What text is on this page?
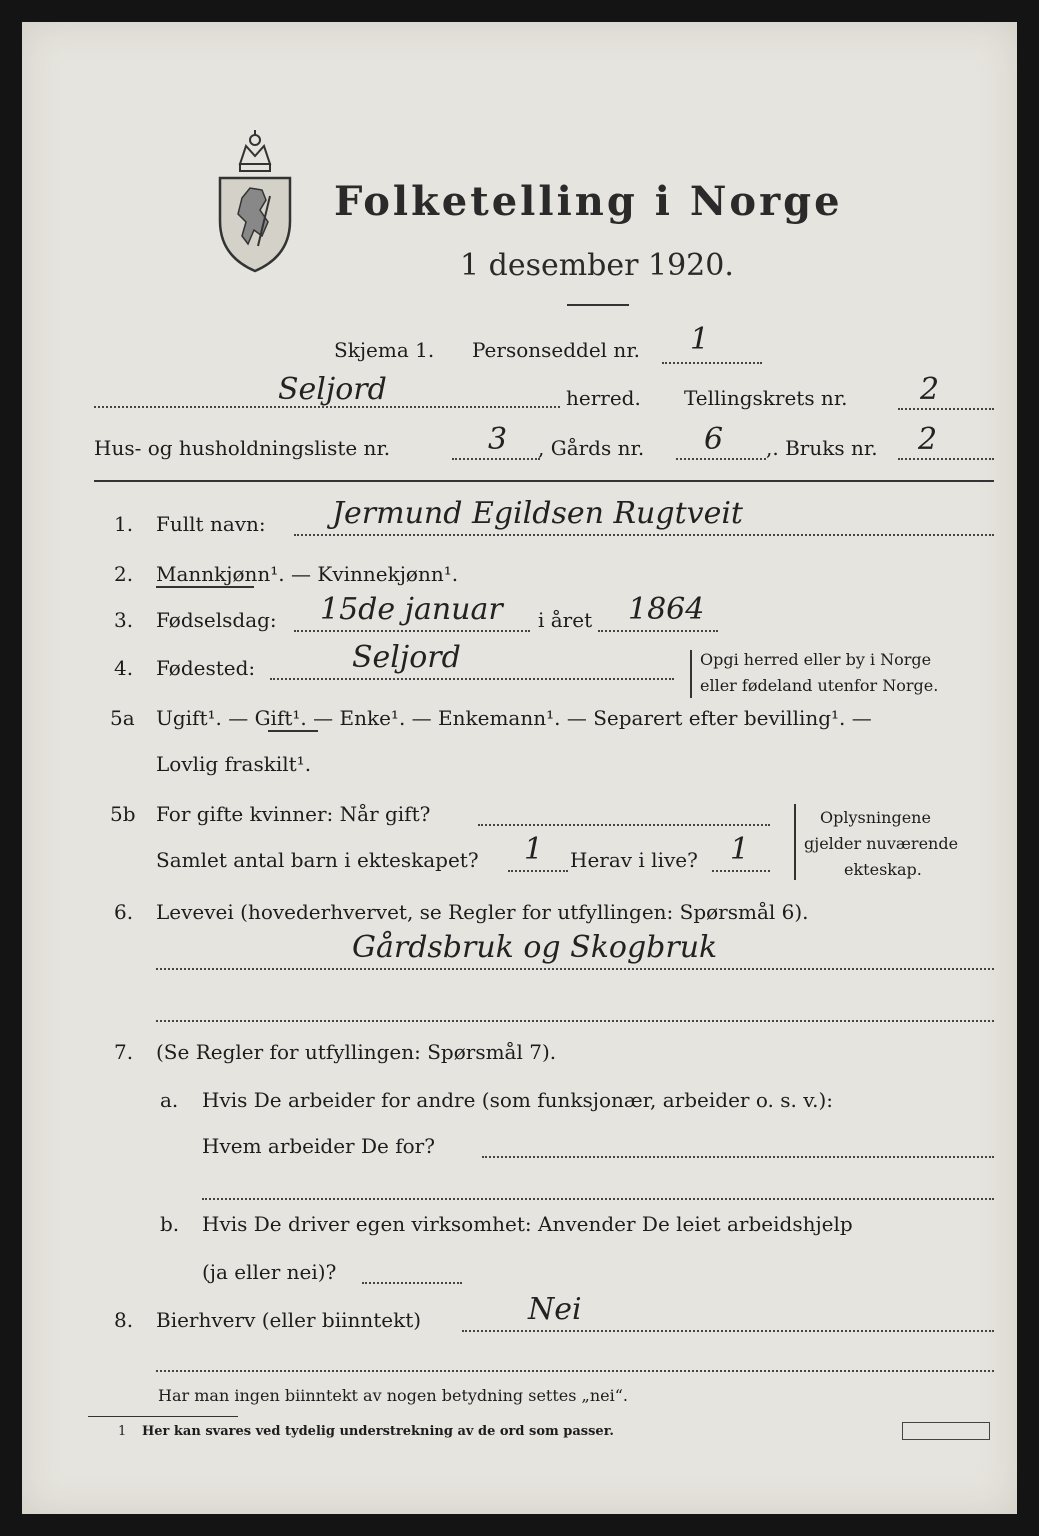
Folketelling i Norge
1 desember 1920.
Skjema 1. Personseddel nr. 1
Seljord	herred. Tellingskrets nr. 2
Hus- og husholdningsliste nr.	3 , Gårds nr. 6 ,. Bruks nr. 2
1. Fullt navn: Jermund Egildsen Rugtveit
2. Mannkjønn¹. — Kvinnekjønn¹.
3. Fødselsdag: 15de januar i året 1864
4. Fødested:	Seljord	Opgi herred eller by i Norge
eller fødeland utenfor Norge.
5a Ugift¹. — Gift¹. — Enke¹. — Enkemann¹. — Separert efter bevilling¹. —
Lovlig fraskilt¹.
5b For gifte kvinner: Når gift?
Samlet antal barn i ekteskapet? 1 Herav i live? 1
Oplysningene
gjelder nuværende
ekteskap.
6. Levevei (hovederhvervet, se Regler for utfyllingen: Spørsmål 6).
Gårdsbruk og Skogbruk
7. (Se Regler for utfyllingen: Spørsmål 7).
a. Hvis De arbeider for andre (som funksjonær, arbeider o. s. v.):
Hvem arbeider De for?
b. Hvis De driver egen virksomhet: Anvender De leiet arbeidshjelp
(ja eller nei)?
8. Bierhverv (eller biinntekt)	Nei
Har man ingen biinntekt av nogen betydning settes „nei“.
1 Her kan svares ved tydelig understrekning av de ord som passer.
